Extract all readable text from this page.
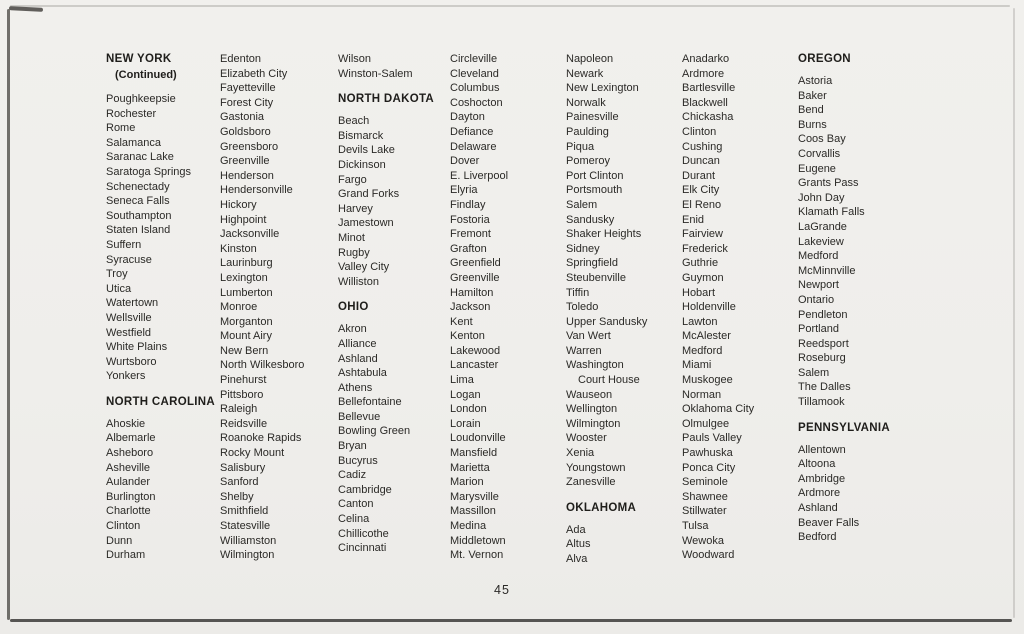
NEW YORK
(Continued)
Poughkeepsie
Rochester
Rome
Salamanca
Saranac Lake
Saratoga Springs
Schenectady
Seneca Falls
Southampton
Staten Island
Suffern
Syracuse
Troy
Utica
Watertown
Wellsville
Westfield
White Plains
Wurtsboro
Yonkers
NORTH CAROLINA
Ahoskie
Albemarle
Asheboro
Asheville
Aulander
Burlington
Charlotte
Clinton
Dunn
Durham
Edenton
Elizabeth City
Fayetteville
Forest City
Gastonia
Goldsboro
Greensboro
Greenville
Henderson
Hendersonville
Hickory
Highpoint
Jacksonville
Kinston
Laurinburg
Lexington
Lumberton
Monroe
Morganton
Mount Airy
New Bern
North Wilkesboro
Pinehurst
Pittsboro
Raleigh
Reidsville
Roanoke Rapids
Rocky Mount
Salisbury
Sanford
Shelby
Smithfield
Statesville
Williamston
Wilmington
Wilson
Winston-Salem
NORTH DAKOTA
Beach
Bismarck
Devils Lake
Dickinson
Fargo
Grand Forks
Harvey
Jamestown
Minot
Rugby
Valley City
Williston
OHIO
Akron
Alliance
Ashland
Ashtabula
Athens
Bellefontaine
Bellevue
Bowling Green
Bryan
Bucyrus
Cadiz
Cambridge
Canton
Celina
Chillicothe
Cincinnati
Circleville
Cleveland
Columbus
Coshocton
Dayton
Defiance
Delaware
Dover
E. Liverpool
Elyria
Findlay
Fostoria
Fremont
Grafton
Greenfield
Greenville
Hamilton
Jackson
Kent
Kenton
Lakewood
Lancaster
Lima
Logan
London
Lorain
Loudonville
Mansfield
Marietta
Marion
Marysville
Massillon
Medina
Middletown
Mt. Vernon
Napoleon
Newark
New Lexington
Norwalk
Painesville
Paulding
Piqua
Pomeroy
Port Clinton
Portsmouth
Salem
Sandusky
Shaker Heights
Sidney
Springfield
Steubenville
Tiffin
Toledo
Upper Sandusky
Van Wert
Warren
Washington
Court House
Wauseon
Wellington
Wilmington
Wooster
Xenia
Youngstown
Zanesville
OKLAHOMA
Ada
Altus
Alva
Anadarko
Ardmore
Bartlesville
Blackwell
Chickasha
Clinton
Cushing
Duncan
Durant
Elk City
El Reno
Enid
Fairview
Frederick
Guthrie
Guymon
Hobart
Holdenville
Lawton
McAlester
Medford
Miami
Muskogee
Norman
Oklahoma City
Olmulgee
Pauls Valley
Pawhuska
Ponca City
Seminole
Shawnee
Stillwater
Tulsa
Wewoka
Woodward
OREGON
Astoria
Baker
Bend
Burns
Coos Bay
Corvallis
Eugene
Grants Pass
John Day
Klamath Falls
LaGrande
Lakeview
Medford
McMinnville
Newport
Ontario
Pendleton
Portland
Reedsport
Roseburg
Salem
The Dalles
Tillamook
PENNSYLVANIA
Allentown
Altoona
Ambridge
Ardmore
Ashland
Beaver Falls
Bedford
45
